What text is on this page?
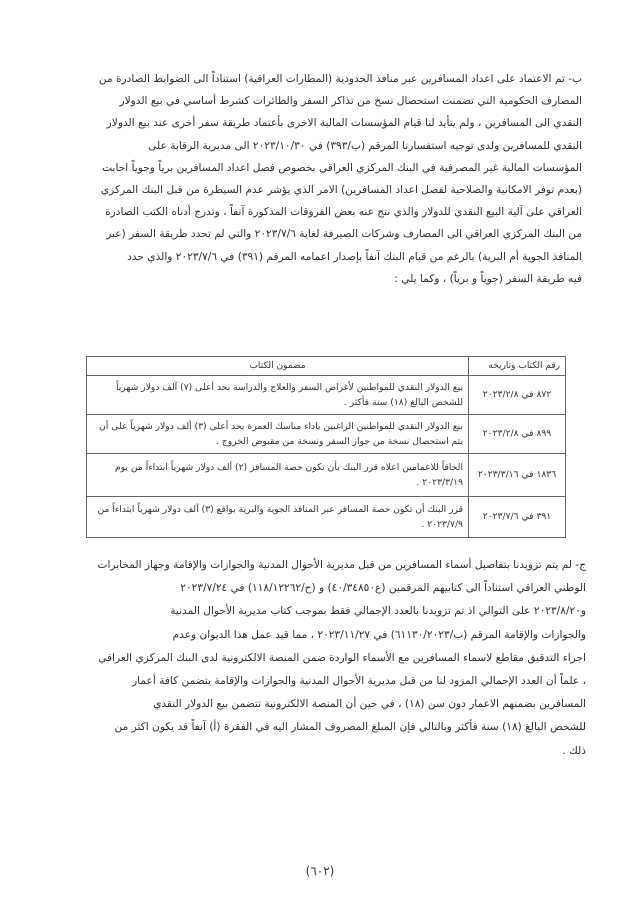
ب- تم الاعتماد على اعداد المسافرين عبر منافذ الحدودية (المطارات العراقية) استناداً الى الضوابط الصادرة من
المصارف الحكومية التي تضمنت استحصال نسخ من تذاكر السفر والطائرات كشرط أساسي في بيع الدولار
النقدي الى المسافرين ، ولم يتأيد لنا قيام المؤسسات المالية الاخرى بأعتماد طريقة سفر أخرى عند بيع الدولار
النقدي للمسافرين ولدى توجيه استفسارنا المرقم (ب/٣٩٣) في ٢٠٢٣/١٠/٣٠ الى مديرية الرقابة على
المؤسسات المالية غير المصرفية في البنك المركزي العراقي بخصوص فصل اعداد المسافرين برياً وجوياً اجابت
(بعدم توفر الامكانية والصلاحية لفصل اعداد المسافرين) الامر الذي يؤشر عدم السيطرة من قبل البنك المركزي
العراقي على آلية البيع النقدي للدولار والذي نتج عنه بعض الفروقات المذكورة آنفاً ، وتدرج أدناه الكتب الصادرة
من البنك المركزي العراقي الى المصارف وشركات الصيرفة لغاية ٢٠٢٣/٧/٦ والتي لم تحدد طريقة السفر (عبر
المنافذ الجوية أم البرية) بالرغم من قيام البنك آنفاً بإصدار اعمامه المرقم (٣٩١) في ٢٠٢٣/٧/٦ والذي حدد
فيه طريقة السفر (جوياً و برياً) ، وكما يلي :
رقم الكتاب وتاريخه	مضمون الكتاب
٨٧٢ في ٢٠٢٣/٢/٨	بيع الدولار النقدي للمواطنين لأغراض السفر والعلاج والدراسة بحد أعلى (٧) آلف دولار شهرياً للشخص البالغ (١٨) سنة فأكثر .
٨٩٩ في ٢٠٢٣/٢/٨	بيع الدولار النقدي للمواطنين الراغبين باداء مناسك العمرة بحد أعلى (٣) ألف دولار شهرياً على أن يتم استحصال نسخة من جواز السفر ونسخة من مقبوض الخروج .
١٨٣٦ في ٢٠٢٣/٣/١٦	الحاقاً للاعمامين اعلاه قرر البنك بأن تكون حصة المسافر (٢) ألف دولار شهرياً ابتداءاً من يوم ٢٠٢٣/٣/١٩ .
٣٩١ في ٢٠٢٣/٧/٦	قرر البنك أن تكون حصة المسافر عبر المنافذ الجوية والبرية بواقع (٣) آلف دولار شهرياً ابتداءاً من ٢٠٢٣/٧/٩ .
ج- لم يتم تزويدنا بتفاصيل أسماء المسافرين من قبل مديرية الأحوال المدنية والجوازات والإقامة وجهاز المخابرات
الوطني العراقي استناداً الى كتابيهم المرقمين (ع٤٠/٣٤٨٥٠) و (ح/١١٨/١٢٢٦٢) في ٢٠٢٣/٧/٢٤
و٢٠٢٣/٨/٢٠ على التوالي اذ تم تزويدنا بالعدد الإجمالي فقط بموجب كتاب مديرية الأحوال المدنية
والجوازات والإقامة المرقم (ب/٦١١٣٠/٢٠٢٣) في ٢٠٢٣/١١/٢٧ ، مما قيد عمل هذا الديوان وعدم
اجراء التدقيق مقاطع لاسماء المسافرين مع الأسماء الواردة ضمن المنصة الالكترونية لدى البنك المركزي العراقي
، علماً أن العدد الإجمالي المزود لنا من قبل مديرية الأحوال المدنية والجوازات والإقامة يتضمن كافة أعمار
المسافرين بضمنهم الاعمار دون سن (١٨) ، في حين أن المنصة الالكترونية تتضمن بيع الدولار النقدي
للشخص البالغ (١٨) سنة فأكثر وبالتالي فإن المبلغ المصروف المشار اليه في الفقرة (أ) آنفاً قد يكون اكثر من
ذلك .
(٦٠٢)
